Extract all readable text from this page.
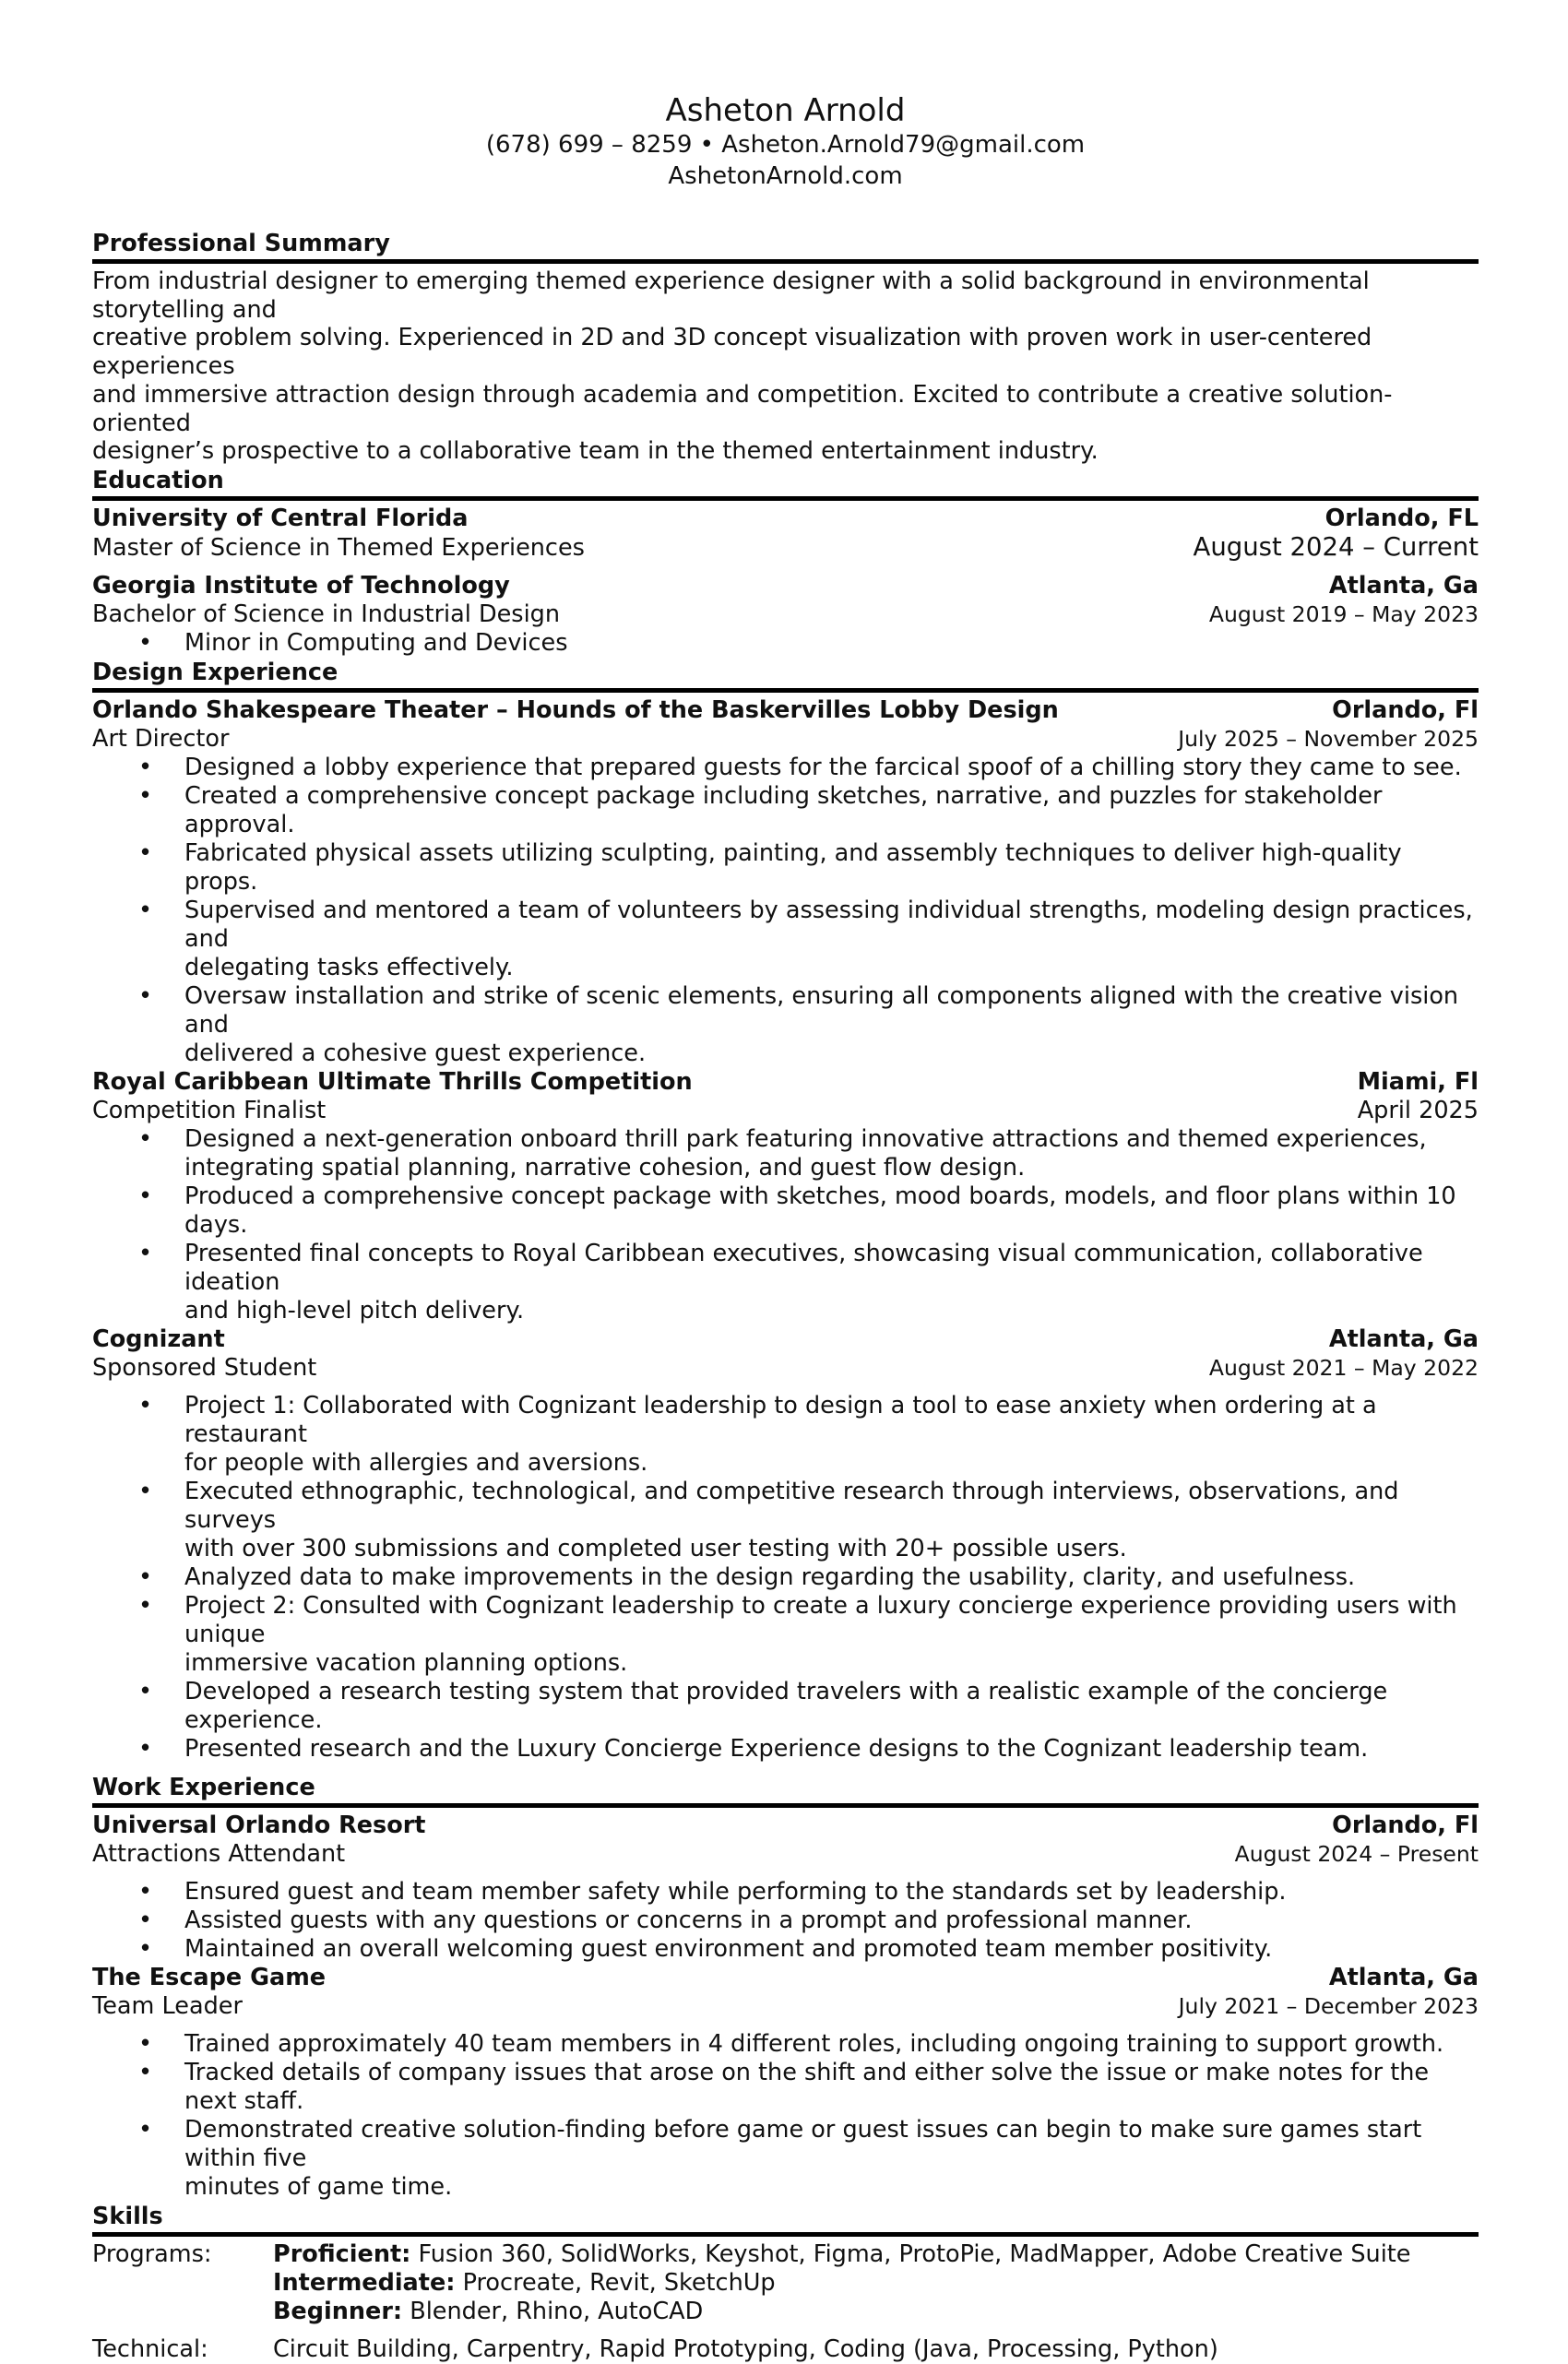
Asheton Arnold
(678) 699 – 8259 • Asheton.Arnold79@gmail.com
AshetonArnold.com
Professional Summary
From industrial designer to emerging themed experience designer with a solid background in environmental storytelling and
creative problem solving. Experienced in 2D and 3D concept visualization with proven work in user-centered experiences
and immersive attraction design through academia and competition. Excited to contribute a creative solution-oriented
designer’s prospective to a collaborative team in the themed entertainment industry.
Education
University of Central Florida	Orlando, FL
Master of Science in Themed Experiences	August 2024 – Current
Georgia Institute of Technology	Atlanta, Ga
Bachelor of Science in Industrial Design	August 2019 – May 2023
• Minor in Computing and Devices
Design Experience
Orlando Shakespeare Theater – Hounds of the Baskervilles Lobby Design	Orlando, Fl
Art Director	July 2025 – November 2025
• Designed a lobby experience that prepared guests for the farcical spoof of a chilling story they came to see.
• Created a comprehensive concept package including sketches, narrative, and puzzles for stakeholder approval.
• Fabricated physical assets utilizing sculpting, painting, and assembly techniques to deliver high-quality props.
• Supervised and mentored a team of volunteers by assessing individual strengths, modeling design practices, and
delegating tasks effectively.
• Oversaw installation and strike of scenic elements, ensuring all components aligned with the creative vision and
delivered a cohesive guest experience.
Royal Caribbean Ultimate Thrills Competition	Miami, Fl
Competition Finalist	April 2025
• Designed a next-generation onboard thrill park featuring innovative attractions and themed experiences,
integrating spatial planning, narrative cohesion, and guest flow design.
• Produced a comprehensive concept package with sketches, mood boards, models, and floor plans within 10 days.
• Presented final concepts to Royal Caribbean executives, showcasing visual communication, collaborative ideation
and high-level pitch delivery.
Cognizant	Atlanta, Ga
Sponsored Student	August 2021 – May 2022
• Project 1: Collaborated with Cognizant leadership to design a tool to ease anxiety when ordering at a restaurant
for people with allergies and aversions.
• Executed ethnographic, technological, and competitive research through interviews, observations, and surveys
with over 300 submissions and completed user testing with 20+ possible users.
• Analyzed data to make improvements in the design regarding the usability, clarity, and usefulness.
• Project 2: Consulted with Cognizant leadership to create a luxury concierge experience providing users with unique
immersive vacation planning options.
• Developed a research testing system that provided travelers with a realistic example of the concierge experience.
• Presented research and the Luxury Concierge Experience designs to the Cognizant leadership team.
Work Experience
Universal Orlando Resort	Orlando, Fl
Attractions Attendant	August 2024 – Present
• Ensured guest and team member safety while performing to the standards set by leadership.
• Assisted guests with any questions or concerns in a prompt and professional manner.
• Maintained an overall welcoming guest environment and promoted team member positivity.
The Escape Game	Atlanta, Ga
Team Leader	July 2021 – December 2023
• Trained approximately 40 team members in 4 different roles, including ongoing training to support growth.
• Tracked details of company issues that arose on the shift and either solve the issue or make notes for the next staff.
• Demonstrated creative solution-finding before game or guest issues can begin to make sure games start within five
minutes of game time.
Skills
Programs:	Proficient: Fusion 360, SolidWorks, Keyshot, Figma, ProtoPie, MadMapper, Adobe Creative Suite
Intermediate: Procreate, Revit, SketchUp
Beginner: Blender, Rhino, AutoCAD
Technical:	Circuit Building, Carpentry, Rapid Prototyping, Coding (Java, Processing, Python)
